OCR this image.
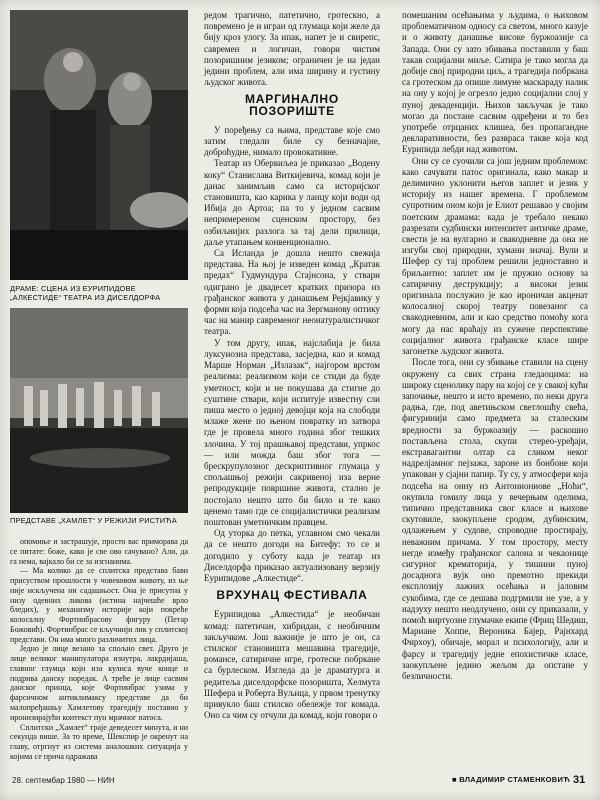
ДРАМЕ: СЦЕНА ИЗ ЕУРИПИДОВЕ „АЛКЕСТИДЕ“ ТЕАТРА ИЗ ДИСЕЛДОРФА
ПРЕДСТАВЕ „ХАМЛЕТ“ У РЕЖИЈИ РИСТИЋА

опомиње и застрашује, просто вас приморава да се питате: боже, како је све ово сачувано? Али, да га нема, вајкало би се за изгнанима.

— Ма колико да се сплитска представа бави присуством прошлости у човековом животу, из ње није искључена ни садашњост. Она је присутна у низу одевних ликова (истина најчешће врло бледих), у механизму историје који покреће колосалну Фортинбрасову фигуру (Петар Божовић). Фортинбрас се кључнији лик у сплитској представи. Он има много различитих лица.

Једно је лице везано за спољно свет. Друго је лице великог манипулатора изнутра, лакрдијаша, главног глумца који иза кулиса вуче конце и подрива данску поредак. А треће је лице сасвим данског принца, које Фортинбрас узима у фарсичном антиклимаксу представе да би малопређашњу Хамлетову трагедију поставио у иронизирајући контекст пун мрачног патоса.

Сплитски „Хамлет“ траје деведесет минута, и ни секунда више. За то време, Шекспир је окренут на главу, отргнут из система аналошких ситуација у којима се прича одражава

редом трагично, патетично, гротескно, а повремено је и игран од глумаца који желе да бију кроз улогу. За ипак, напет је и свирепс, савремен и логичан, говори чистим позоришним језиком; ограничен је на један једини проблем, али има ширину и густину људског живота.

МАРГИНАЛНО ПОЗОРИШТЕ

У поређењу са њима, представе које смо затим гледали биле су безначајне, доброћудне, нимало провокативне.

Театар из Обервиљеа је приказао „Водену кокy“ Станислава Виткијевича, комад који је данас занимљив само са историјског становишта, као карика у ланцу који води од Ибија до Артоа; па то у једном сасвим непримереном сценском простору, без озбиљнијих разлога за тај дели прилици, даље утапањем конвенционално.

Са Исланда је дошла нешто свежија представа. На њој је изведен комад „Кратак предах“ Гудмундура Стајнсона, у ствари одиграно је двадесет кратких призора из грађанског живота у данашњем Рејкјавику у форми која подсећа час на Зергманову оптику час на манир савременог неонатуралистичког театра.

У том другу, ипак, најслабија је била луксуиозна представа, засједна, као и комад Марше Норман „Излазак“, најгором врстом реализма: реализмом који се стиди да буде уметност, који и не покушава да стигне до суштине ствари, који испитује известну сли пиша место о једној девојци која на слободи млаже жене по њеном повратку из затвора где је провела много година због тешких злочина. У тој прашњавој представи, упркос — или можда баш због тога — брескрупулозног дескриптивног глумаца у спољашњој режији сакривеној иза верне репродукције површине живота, стално је постојало нешто што би било и те како ценемо тамо где се социјалистички реализам поштован уметничким правцем.

Од уторка до петка, углавном смо чекали да се нешто догоди на Битефу: то се и догодило у суботу када је театар из Диселдорфа приказао актуализовану верзију Еурипидове „Алкестиде“.

ВРХУНАЦ ФЕСТИВАЛА

Еурипидова „Алкестида“ је необичан комад: патетичан, хибридан, с необичним закључком. Још важније је што је он, са стилског становишта мешавина трагедије, романсе, сатиричне игре, гротеске побркане са бурлеском. Изгледа да је драматурга и редитеља диселдорфске позоришта, Хелмута Шефера и Роберта Вуљица, у првом тренутку привукло баш стилско обележје тог комада. Оно са чим су отчули да комад, који говори о

помешаним осећањима у људима, о њиховом проблематичном односу са светом, много казује и о животу данашње високе буржоазије са Запада. Они су зато збивања поставили у баш такав социјални миље. Сатира је тако могла да добије свој природни циљ, а трагедија побркана са гротеском да опише лимуне маскараду налик на ону у којој је огрезло једно социјални слој у пуној декаденцији. Њихов закључак је тако могао да постане сасвим одређени и то без употребе отрцаних клишеа, без пропагандне декларативности, без развраса такве која код Еурипида лебди над животом.

Они су се суочили са још једним проблемом: како сачувати патос оригинала, како макар и делимично уклонити његов заплет и језик у историју из нашег времена. Г проблемом супротним оном који је Елиот решавао у својим поетским драмама: када је требало некако разрезати судбински интензитет античке драме, свести је на вулгарно и свакодневне да она не изгуби свој природни, хумани значај. Вули и Шефер су тај проблем решили једноставно и бриљантно: заплет им је пружио основу за сатиричну деструкцију; а високи језик оригинала послужио је као ироничан акценат колосалној скорој театру повезаног са свакодневним, али и као средство помоћу кога могу да нас враћају из суженe перспективе социјалног живота грађанске класе шире загонетке људског живота.

После тога, они су збивање ставили на сцену окружену са свих страна гледаоцима: на широку сценолику пару на којој се у свакој кући започиње, нешто и исто времено, по неки друга радња, где, под аветињском светлошћу свећа, фигуринији само предмета за сталеским вредности за буржоазију — раскошно постављена стола, скупи стерео-уређаји, екстравагантни олтар са сликом неког надрелјамног пејзажа, зароне из бонбоне који упакован у сјајни папир. Ту су, у атмосфери која подсећа на онну из Антониониове „Ноћи“, окупила гомилу лица у вечерњим оделима, типично представника свог класе и њихове скутовиле, заокупљене сродом, дубинским, одлажењем у судове, спроводне простирају, неважним причама. У том простору, месту негде између грађанског салона и чекаонице сигурног крематорија, у тишини пуној досаднога вујк оно премотно прекиди експлозију лажних осећања и јаловим сукобима, где се дешава подгрмили не узе, а у надзуху нешто неодлучено, они су приказали, у помоћ виртуозне глумачке екипе (Фриц Шедиш, Мариане Хоппе, Вероника Бајер, Рајнхард Фирхоу), обичаје, морал и психологију, али и фарсу и трагедију једне епохистичке класе, заокупљене једино жељом да опстане у безличности.

28. септембар 1980 — НИН	■ ВЛАДИМИР СТАМЕНКОВИЋ 31
